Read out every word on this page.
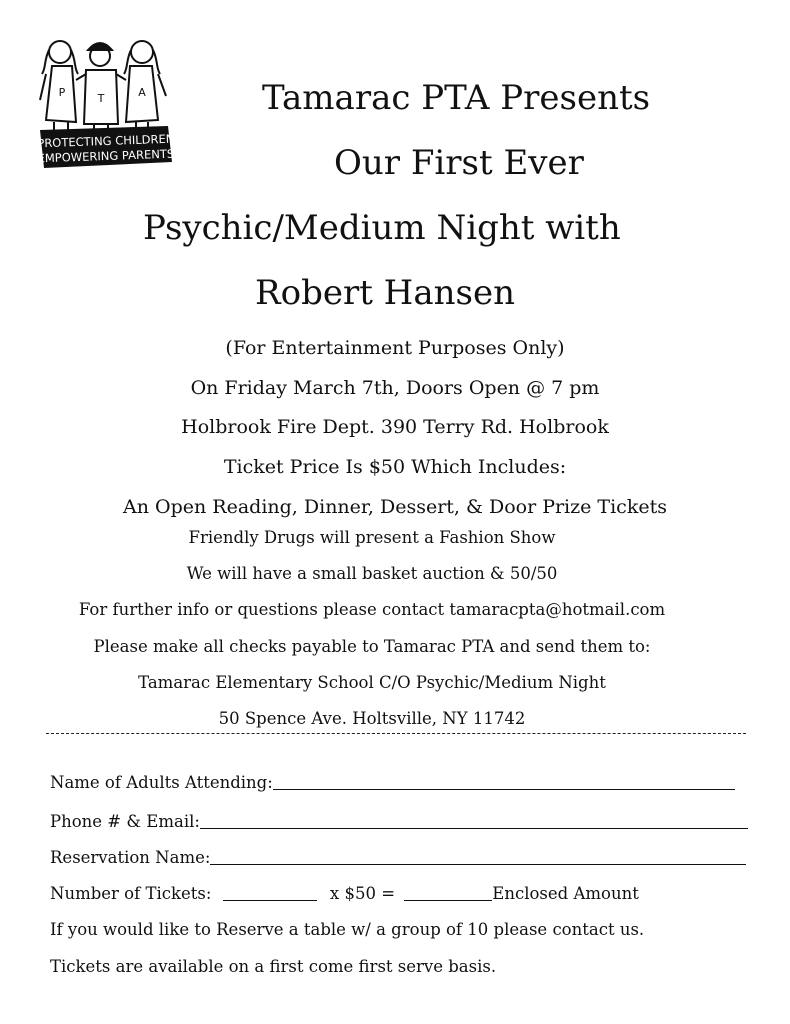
P	T	A
PROTECTING CHILDREN
EMPOWERING PARENTS
Tamarac PTA Presents
Our First Ever
Psychic/Medium Night with
Robert Hansen
(For Entertainment Purposes Only)
On Friday March 7th, Doors Open @ 7 pm
Holbrook Fire Dept. 390 Terry Rd. Holbrook
Ticket Price Is $50 Which Includes:
An Open Reading, Dinner, Dessert, & Door Prize Tickets
Friendly Drugs will present a Fashion Show
We will have a small basket auction & 50/50
For further info or questions please contact tamaracpta@hotmail.com
Please make all checks payable to Tamarac PTA and send them to:
Tamarac Elementary School C/O Psychic/Medium Night
50 Spence Ave. Holtsville, NY 11742
Name of Adults Attending:
Phone # & Email:
Reservation Name:
Number of Tickets:	x $50 =	Enclosed Amount
If you would like to Reserve a table w/ a group of 10 please contact us.
Tickets are available on a first come first serve basis.
